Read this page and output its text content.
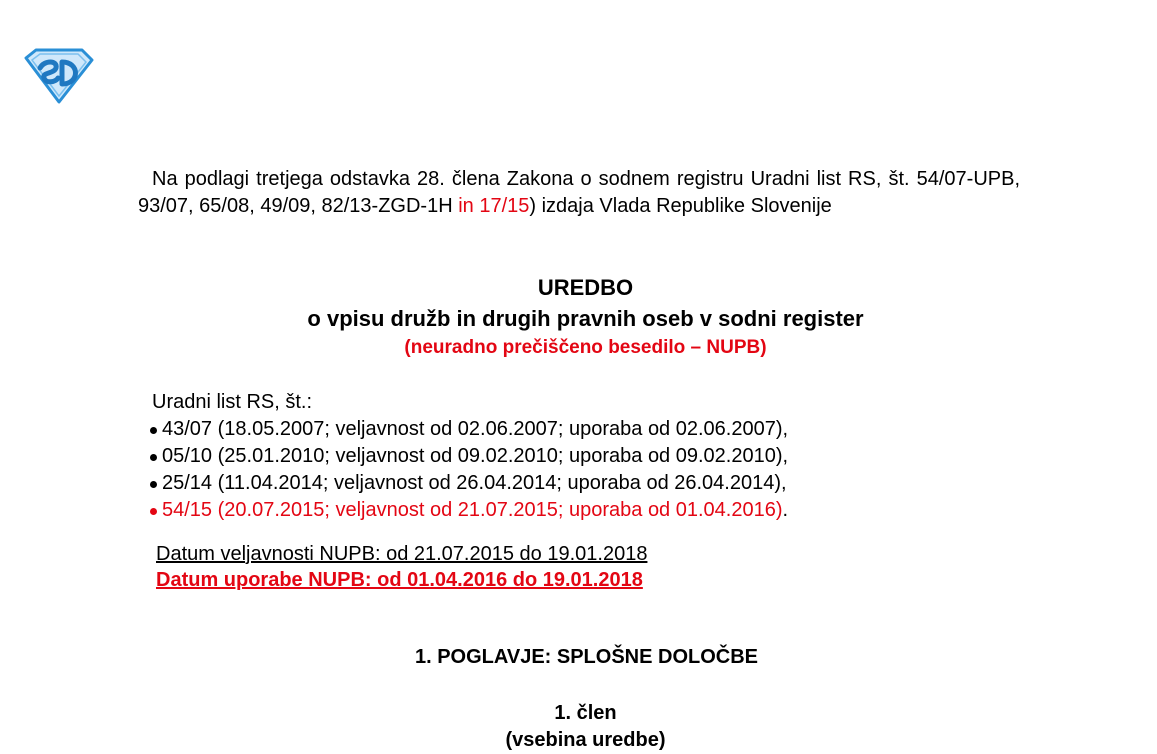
Na podlagi tretjega odstavka 28. člena Zakona o sodnem registru Uradni list RS, št. 54/07-UPB, 93/07, 65/08, 49/09, 82/13-ZGD-1H in 17/15) izdaja Vlada Republike Slovenije
UREDBO
o vpisu družb in drugih pravnih oseb v sodni register
(neuradno prečiščeno besedilo – NUPB)
Uradni list RS, št.:
43/07 (18.05.2007; veljavnost od 02.06.2007; uporaba od 02.06.2007),
05/10 (25.01.2010; veljavnost od 09.02.2010; uporaba od 09.02.2010),
25/14 (11.04.2014; veljavnost od 26.04.2014; uporaba od 26.04.2014),
54/15 (20.07.2015; veljavnost od 21.07.2015; uporaba od 01.04.2016).
Datum veljavnosti NUPB: od 21.07.2015 do 19.01.2018
Datum uporabe NUPB: od 01.04.2016 do 19.01.2018
1. POGLAVJE: SPLOŠNE DOLOČBE
1. člen
(vsebina uredbe)
